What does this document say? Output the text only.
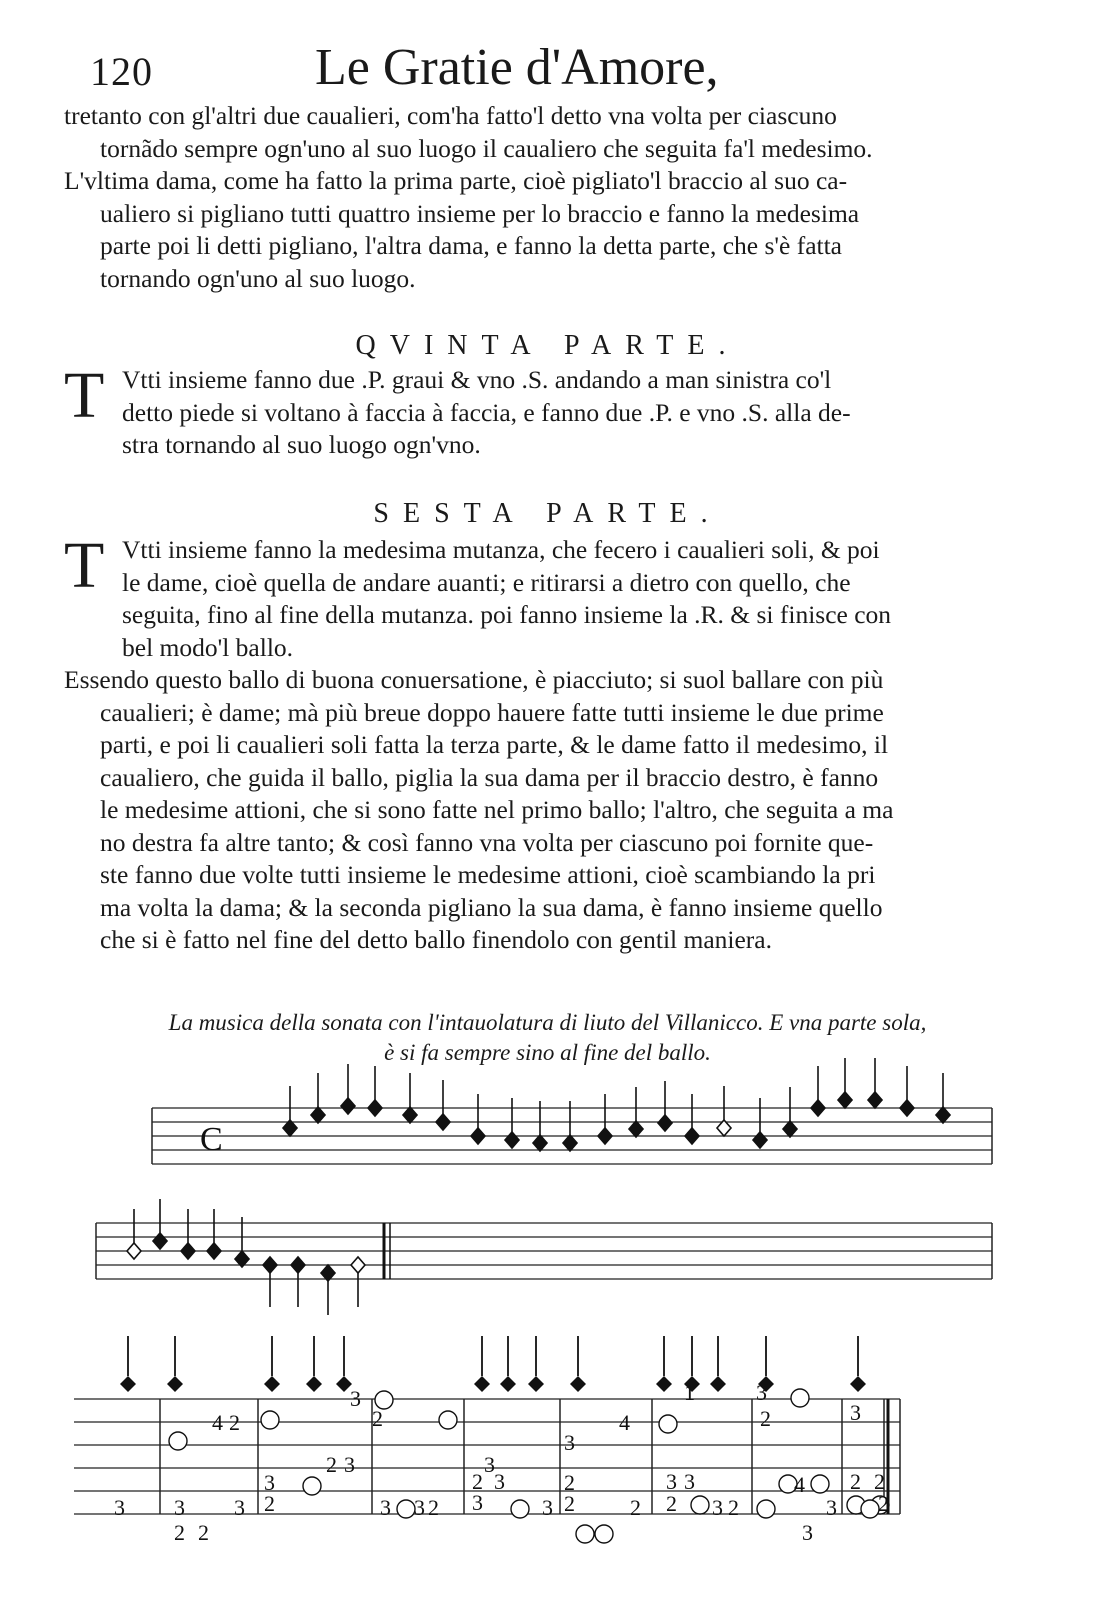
120	Le Gratie d'Amore,

tretanto con gl'altri due caualieri, com'ha fatto'l detto vna volta per ciascuno

tornãdo sempre ogn'uno al suo luogo il caualiero che seguita fa'l medesimo.

L'vltima dama, come ha fatto la prima parte, cioè pigliato'l braccio al suo ca-

ualiero si pigliano tutti quattro insieme per lo braccio e fanno la medesima

parte poi li detti pigliano, l'altra dama, e fanno la detta parte, che s'è fatta

tornando ogn'uno al suo luogo.

QVINTA PARTE.
T Vtti insieme fanno due .P. graui & vno .S. andando a man sinistra co'l

detto piede si voltano à faccia à faccia, e fanno due .P. e vno .S. alla de-

stra tornando al suo luogo ogn'vno.

SESTA PARTE.
T Vtti insieme fanno la medesima mutanza, che fecero i caualieri soli, & poi

le dame, cioè quella de andare auanti; e ritirarsi a dietro con quello, che

seguita, fino al fine della mutanza. poi fanno insieme la .R. & si finisce con

bel modo'l ballo.

Essendo questo ballo di buona conuersatione, è piacciuto; si suol ballare con più

caualieri; è dame; mà più breue doppo hauere fatte tutti insieme le due prime

parti, e poi li caualieri soli fatta la terza parte, & le dame fatto il medesimo, il

caualiero, che guida il ballo, piglia la sua dama per il braccio destro, è fanno

le medesime attioni, che si sono fatte nel primo ballo; l'altro, che seguita a ma

no destra fa altre tanto; & così fanno vna volta per ciascuno poi fornite que-

ste fanno due volte tutti insieme le medesime attioni, cioè scambiando la pri

ma volta la dama; & la seconda pigliano la sua dama, è fanno insieme quello

che si è fatto nel fine del detto ballo finendolo con gentil maniera.

La musica della sonata con l'intauolatura di liuto del Villanicco. E vna parte sola,
è si fa sempre sino al fine del ballo.
C
3 3
2 2
3
4 2
3
2
2 3
3
2
3 3 2
2
3
3
3
3
2
2
3
4
2
3
2
3
1
3 2
3
2
4
3
3
2
3
2
2
